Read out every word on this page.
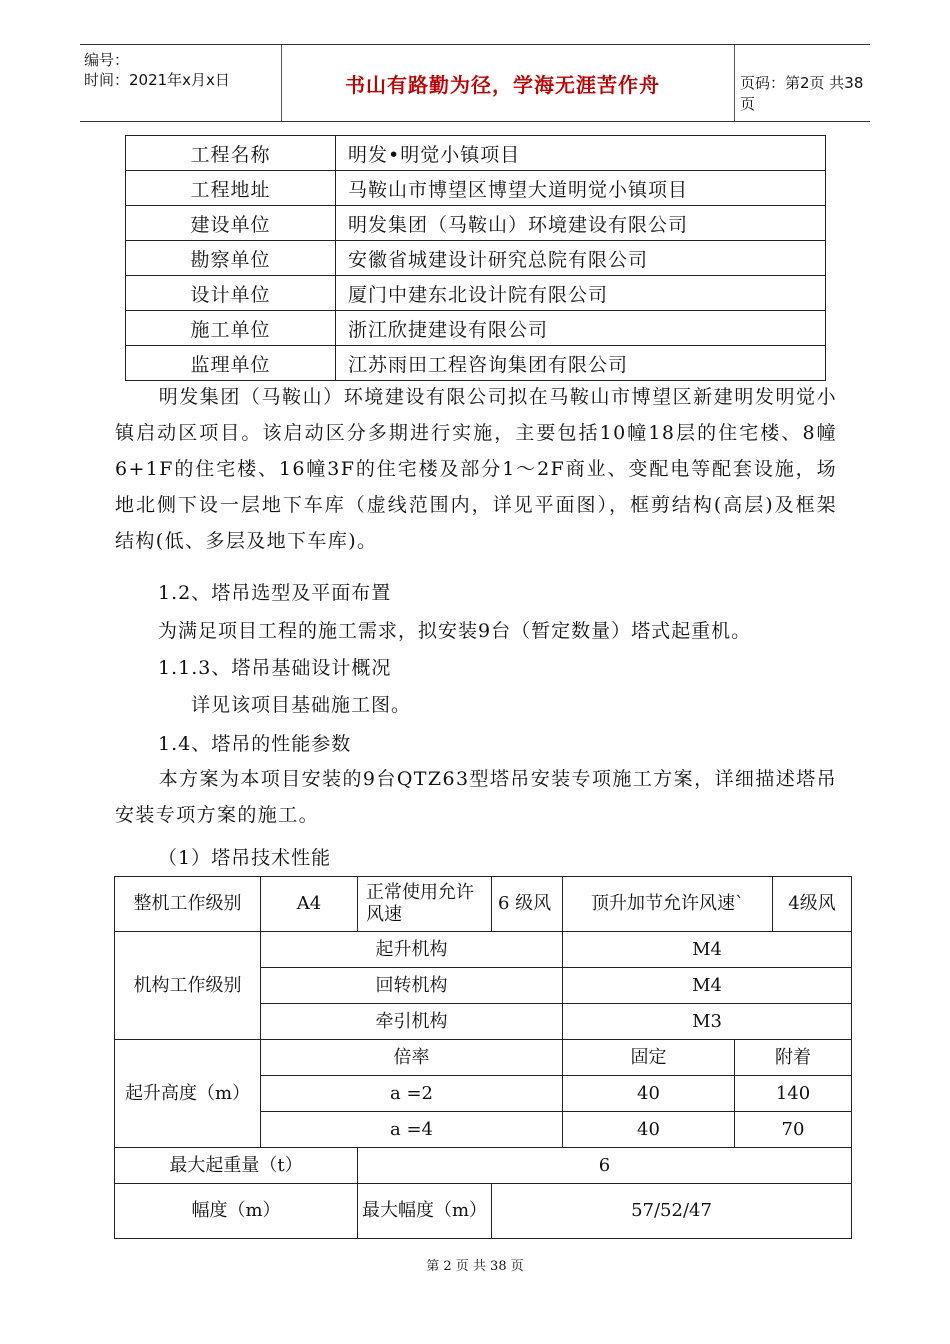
编号：
时间：2021年x月x日	书山有路勤为径，学海无涯苦作舟	页码：第2页 共38页
工程名称	明发•明觉小镇项目
工程地址	马鞍山市博望区博望大道明觉小镇项目
建设单位	明发集团（马鞍山）环境建设有限公司
勘察单位	安徽省城建设计研究总院有限公司
设计单位	厦门中建东北设计院有限公司
施工单位	浙江欣捷建设有限公司
监理单位	江苏雨田工程咨询集团有限公司
明发集团（马鞍山）环境建设有限公司拟在马鞍山市博望区新建明发明觉小镇启动区项目。该启动区分多期进行实施，主要包括10幢18层的住宅楼、8幢6+1F的住宅楼、16幢3F的住宅楼及部分1～2F商业、变配电等配套设施，场地北侧下设一层地下车库（虚线范围内，详见平面图），框剪结构(高层)及框架结构(低、多层及地下车库)。
1.2、塔吊选型及平面布置
为满足项目工程的施工需求，拟安装9台（暂定数量）塔式起重机。
1.1.3、塔吊基础设计概况
详见该项目基础施工图。
1.4、塔吊的性能参数
本方案为本项目安装的9台QTZ63型塔吊安装专项施工方案，详细描述塔吊安装专项方案的施工。
（1）塔吊技术性能
整机工作级别	A4	正常使用允许风速	6 级风	顶升加节允许风速`		4级风
机构工作级别	起升机构			M4		
	回转机构			M4		
	牵引机构			M3		
起升高度（m）	倍率			固定	附着	
	a =2			40	140	
	a =4			40	70	
最大起重量（t）		6				
幅度（m）		最大幅度（m）	57/52/47			
第 2 页 共 38 页
